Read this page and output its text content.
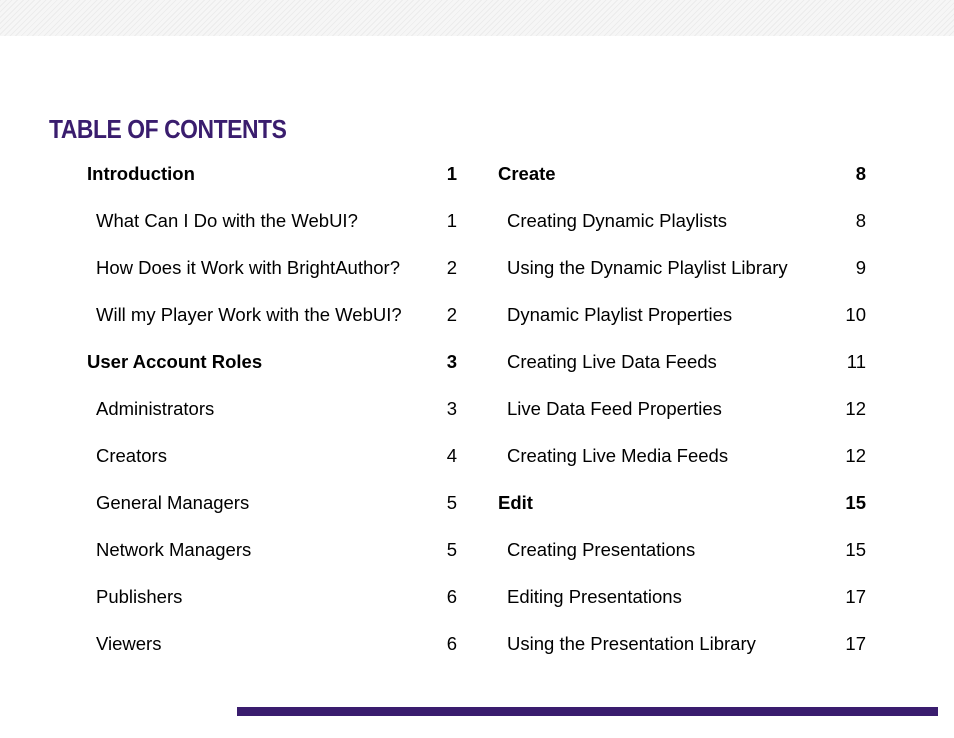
TABLE OF CONTENTS
Introduction	1
What Can I Do with the WebUI?	1
How Does it Work with BrightAuthor?	2
Will my Player Work with the WebUI? 2
User Account Roles	3
Administrators	3
Creators	4
General Managers	5
Network Managers	5
Publishers	6
Viewers	6
Create	8
Creating Dynamic Playlists	8
Using the Dynamic Playlist Library	9
Dynamic Playlist Properties	10
Creating Live Data Feeds	11
Live Data Feed Properties	12
Creating Live Media Feeds	12
Edit	15
Creating Presentations	15
Editing Presentations	17
Using the Presentation Library	17
